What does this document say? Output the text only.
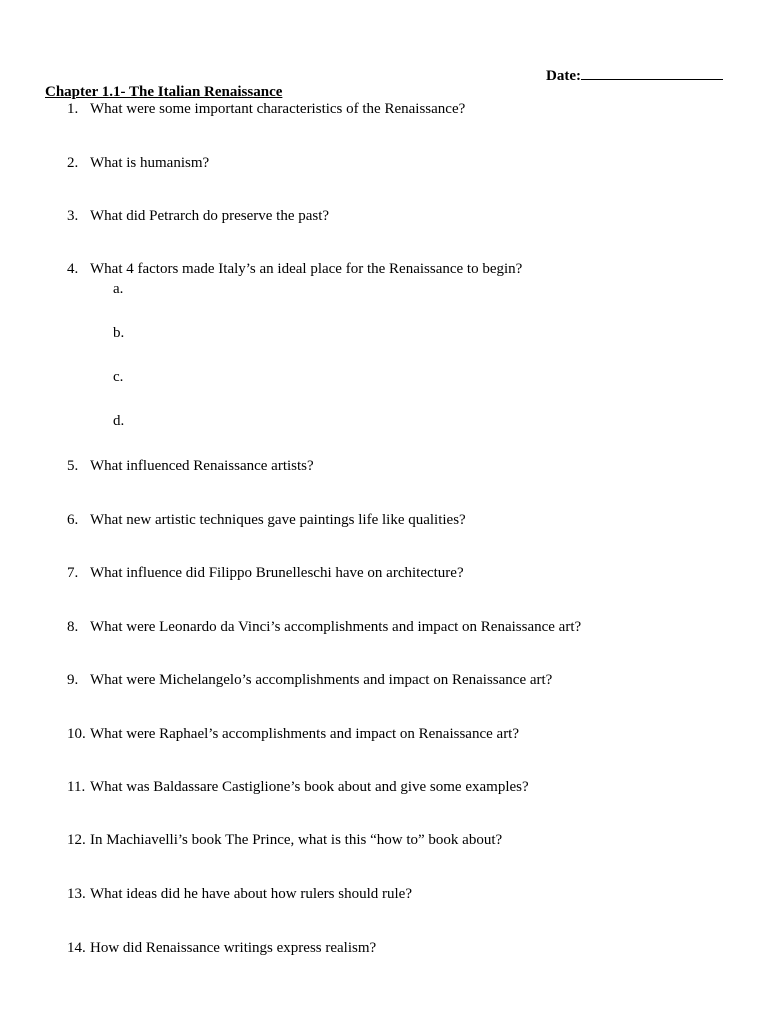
Date:
Chapter 1.1- The Italian Renaissance
1. What were some important characteristics of the Renaissance?
2. What is humanism?
3. What did Petrarch do preserve the past?
4. What 4 factors made Italy’s an ideal place for the Renaissance to begin?
a.
b.
c.
d.
5. What influenced Renaissance artists?
6. What new artistic techniques gave paintings life like qualities?
7. What influence did Filippo Brunelleschi have on architecture?
8. What were Leonardo da Vinci’s accomplishments and impact on Renaissance art?
9. What were Michelangelo’s accomplishments and impact on Renaissance art?
10. What were Raphael’s accomplishments and impact on Renaissance art?
11. What was Baldassare Castiglione’s book about and give some examples?
12. In Machiavelli’s book The Prince, what is this “how to” book about?
13. What ideas did he have about how rulers should rule?
14. How did Renaissance writings express realism?
